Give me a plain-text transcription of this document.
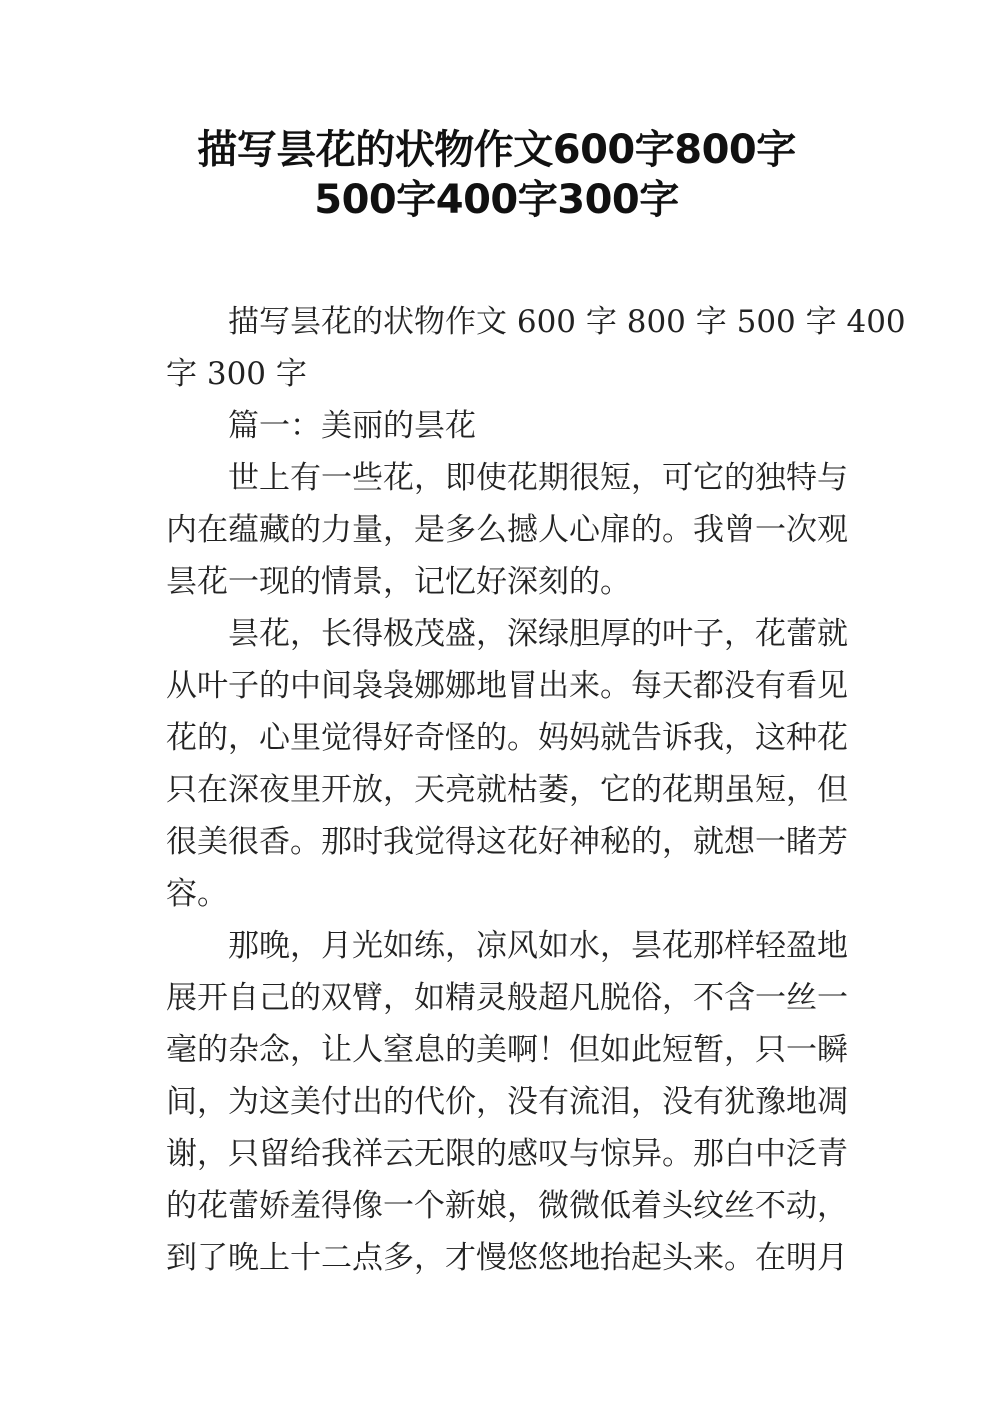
描写昙花的状物作文600字800字
500字400字300字
描写昙花的状物作文 600 字 800 字 500 字 400
字 300 字
篇一：美丽的昙花
世上有一些花，即使花期很短，可它的独特与
内在蕴藏的力量，是多么撼人心扉的。我曾一次观
昙花一现的情景，记忆好深刻的。
昙花，长得极茂盛，深绿胆厚的叶子，花蕾就
从叶子的中间袅袅娜娜地冒出来。每天都没有看见
花的，心里觉得好奇怪的。妈妈就告诉我，这种花
只在深夜里开放，天亮就枯萎，它的花期虽短，但
很美很香。那时我觉得这花好神秘的，就想一睹芳
容。
那晚，月光如练，凉风如水，昙花那样轻盈地
展开自己的双臂，如精灵般超凡脱俗，不含一丝一
毫的杂念，让人窒息的美啊！但如此短暂，只一瞬
间，为这美付出的代价，没有流泪，没有犹豫地凋
谢，只留给我祥云无限的感叹与惊异。那白中泛青
的花蕾娇羞得像一个新娘，微微低着头纹丝不动，
到了晚上十二点多，才慢悠悠地抬起头来。在明月
